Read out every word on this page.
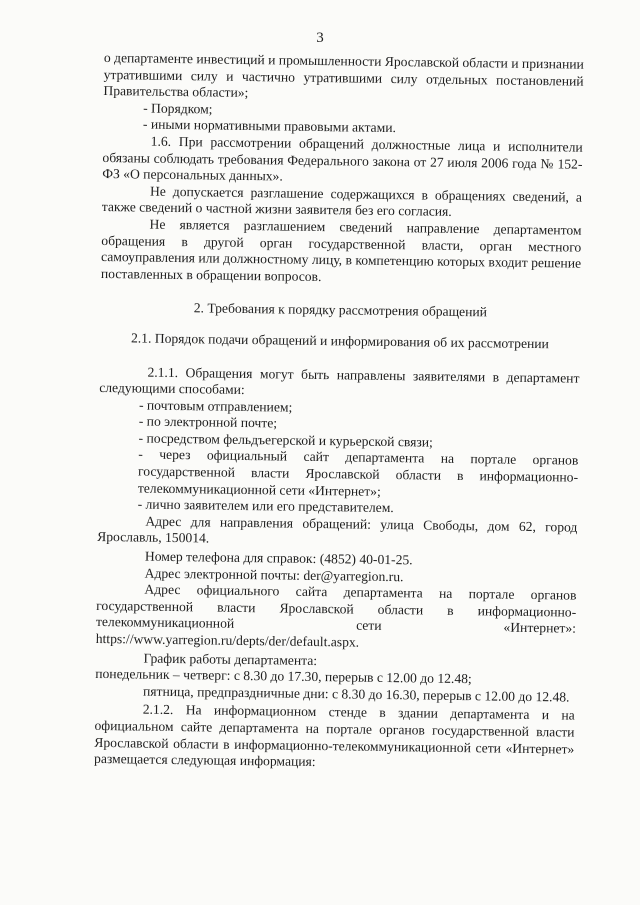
3

о департаменте инвестиций и промышленности Ярославской области и признании утратившими силу и частично утратившими силу отдельных постановлений Правительства области»;

- Порядком;

- иными нормативными правовыми актами.

1.6. При рассмотрении обращений должностные лица и исполнители обязаны соблюдать требования Федерального закона от 27 июля 2006 года № 152-ФЗ «О персональных данных».

Не допускается разглашение содержащихся в обращениях сведений, а также сведений о частной жизни заявителя без его согласия.

Не является разглашением сведений направление департаментом обращения в другой орган государственной власти, орган местного самоуправления или должностному лицу, в компетенцию которых входит решение поставленных в обращении вопросов.

2. Требования к порядку рассмотрения обращений

2.1. Порядок подачи обращений и информирования об их рассмотрении

2.1.1. Обращения могут быть направлены заявителями в департамент следующими способами:

- почтовым отправлением;

- по электронной почте;

- посредством фельдъегерской и курьерской связи;

- через официальный сайт департамента на портале органов государственной власти Ярославской области в информационно-телекоммуникационной сети «Интернет»;

- лично заявителем или его представителем.

Адрес для направления обращений: улица Свободы, дом 62, город Ярославль, 150014.

Номер телефона для справок: (4852) 40-01-25.

Адрес электронной почты: der@yarregion.ru.

Адрес официального сайта департамента на портале органов государственной власти Ярославской области в информационно-телекоммуникационной сети «Интернет»: https://www.yarregion.ru/depts/der/default.aspx.

График работы департамента:

понедельник – четверг: с 8.30 до 17.30, перерыв с 12.00 до 12.48;

пятница, предпраздничные дни: с 8.30 до 16.30, перерыв с 12.00 до 12.48.

2.1.2. На информационном стенде в здании департамента и на официальном сайте департамента на портале органов государственной власти Ярославской области в информационно-телекоммуникационной сети «Интернет» размещается следующая информация:
